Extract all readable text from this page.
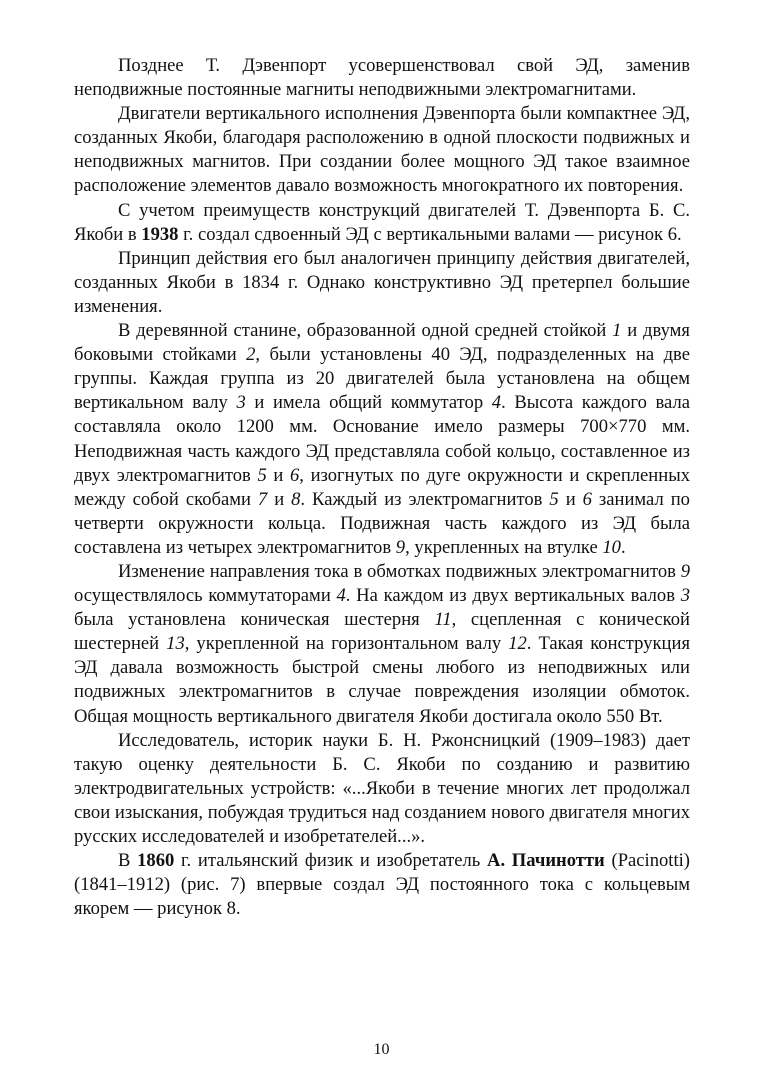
Позднее Т. Дэвенпорт усовершенствовал свой ЭД, заменив неподвижные постоянные магниты неподвижными электромагнитами.

Двигатели вертикального исполнения Дэвенпорта были компактнее ЭД, созданных Якоби, благодаря расположению в одной плоскости подвижных и неподвижных магнитов. При создании более мощного ЭД такое взаимное расположение элементов давало возможность многократного их повторения.

С учетом преимуществ конструкций двигателей Т. Дэвенпорта Б. С. Якоби в 1938 г. создал сдвоенный ЭД с вертикальными валами — рисунок 6.

Принцип действия его был аналогичен принципу действия двигателей, созданных Якоби в 1834 г. Однако конструктивно ЭД претерпел большие изменения.

В деревянной станине, образованной одной средней стойкой 1 и двумя боковыми стойками 2, были установлены 40 ЭД, подразделенных на две группы. Каждая группа из 20 двигателей была установлена на общем вертикальном валу 3 и имела общий коммутатор 4. Высота каждого вала составляла около 1200 мм. Основание имело размеры 700×770 мм. Неподвижная часть каждого ЭД представляла собой кольцо, составленное из двух электромагнитов 5 и 6, изогнутых по дуге окружности и скрепленных между собой скобами 7 и 8. Каждый из электромагнитов 5 и 6 занимал по четверти окружности кольца. Подвижная часть каждого из ЭД была составлена из четырех электромагнитов 9, укрепленных на втулке 10.

Изменение направления тока в обмотках подвижных электромагнитов 9 осуществлялось коммутаторами 4. На каждом из двух вертикальных валов 3 была установлена коническая шестерня 11, сцепленная с конической шестерней 13, укрепленной на горизонтальном валу 12. Такая конструкция ЭД давала возможность быстрой смены любого из неподвижных или подвижных электромагнитов в случае повреждения изоляции обмоток. Общая мощность вертикального двигателя Якоби достигала около 550 Вт.

Исследователь, историк науки Б. Н. Ржонсницкий (1909–1983) дает такую оценку деятельности Б. С. Якоби по созданию и развитию электродвигательных устройств: «...Якоби в течение многих лет продолжал свои изыскания, побуждая трудиться над созданием нового двигателя многих русских исследователей и изобретателей...».

В 1860 г. итальянский физик и изобретатель А. Пачинотти (Pacinotti) (1841–1912) (рис. 7) впервые создал ЭД постоянного тока с кольцевым якорем — рисунок 8.

10
